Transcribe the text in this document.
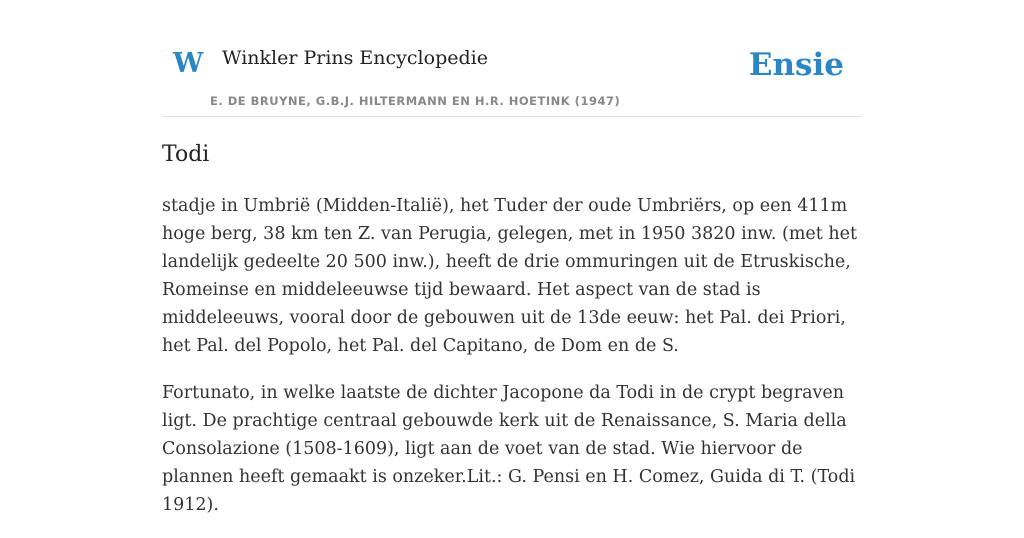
W Winkler Prins Encyclopedie	Ensie
E. DE BRUYNE, G.B.J. HILTERMANN EN H.R. HOETINK (1947)
Todi

stadje in Umbrië (Midden-Italië), het Tuder der oude Umbriërs, op een 411m hoge berg, 38 km ten Z. van Perugia, gelegen, met in 1950 3820 inw. (met het landelijk gedeelte 20 500 inw.), heeft de drie ommuringen uit de Etruskische, Romeinse en middeleeuwse tijd bewaard. Het aspect van de stad is middeleeuws, vooral door de gebouwen uit de 13de eeuw: het Pal. dei Priori, het Pal. del Popolo, het Pal. del Capitano, de Dom en de S.

Fortunato, in welke laatste de dichter Jacopone da Todi in de crypt begraven ligt. De prachtige centraal gebouwde kerk uit de Renaissance, S. Maria della Consolazione (1508-1609), ligt aan de voet van de stad. Wie hiervoor de plannen heeft gemaakt is onzeker.Lit.: G. Pensi en H. Comez, Guida di T. (Todi 1912).
